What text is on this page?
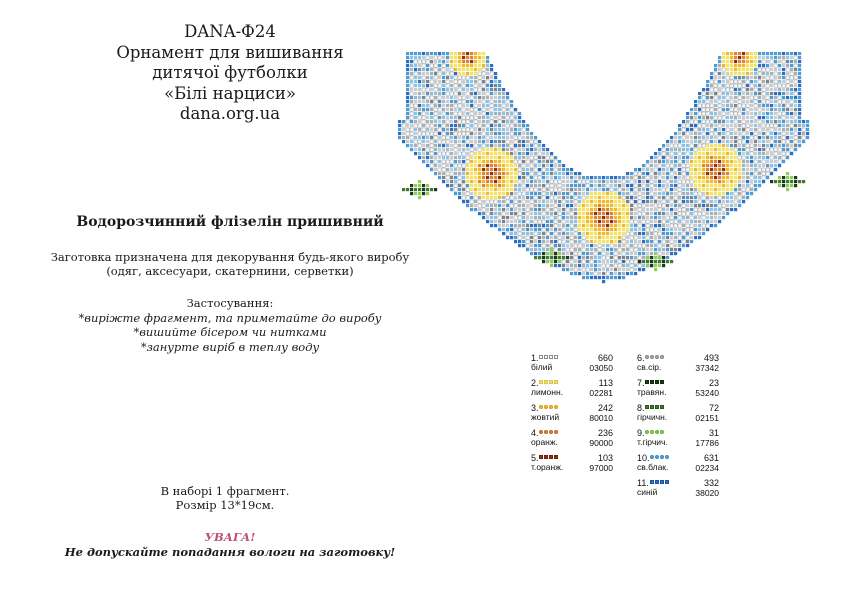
DANA-Ф24
Орнамент для вишивання
дитячої футболки
«Білі нарциси»
dana.org.ua
Водорозчинний флізелін пришивний
Заготовка призначена для декорування будь-якого виробу
(одяг, аксесуари, скатернини, серветки)
Застосування:
*виріжте фрагмент, та приметайте до виробу
*вишийте бісером чи нитками
*занурте виріб в теплу воду
В наборі 1 фрагмент.
Розмір 13*19см.
УВАГА!
Не допускайте попадання вологи на заготовку!
1.	660
білий	03050
2.	113
лимонн.	02281
3.	242
жовтий	80010
4.	236
оранж.	90000
5.	103
т.оранж.	97000
6.	493
св.сір.	37342
7.	23
травян.	53240
8.	72
гірчичн.	02151
9.	31
т.гірчич.	17786
10.	631
св.блак.	02234
11.	332
синій	38020
